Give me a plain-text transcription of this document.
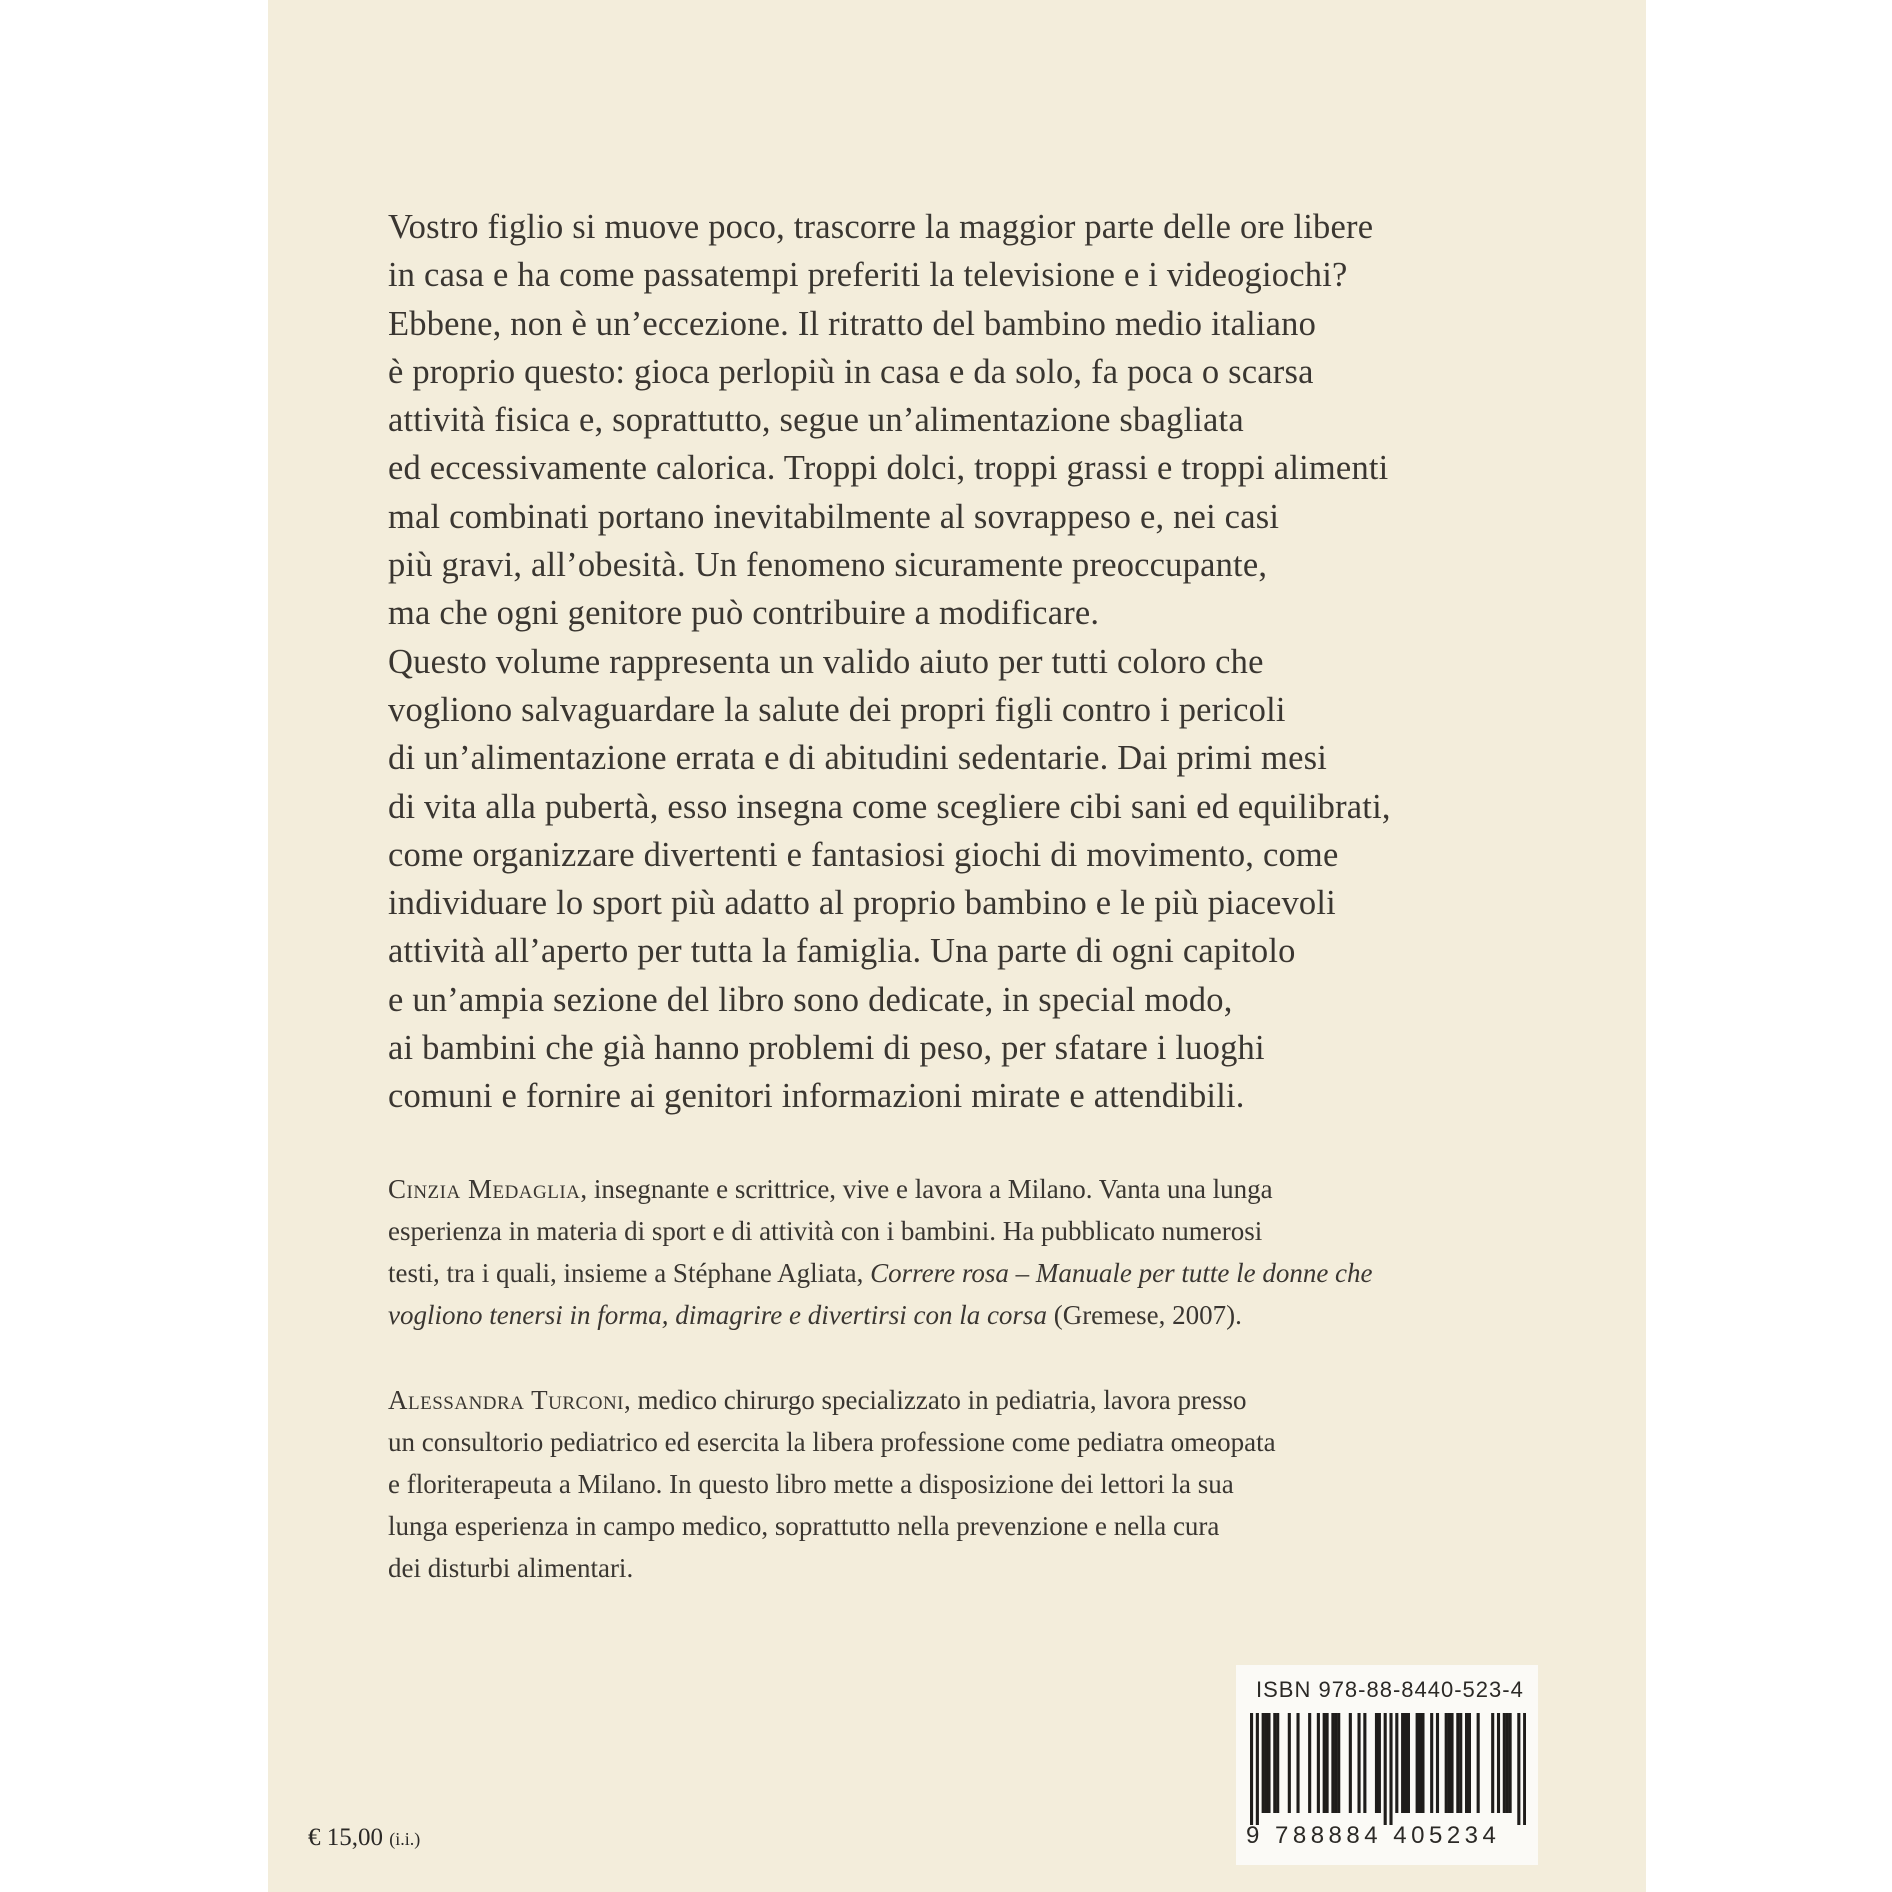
Vostro figlio si muove poco, trascorre la maggior parte delle ore libere
in casa e ha come passatempi preferiti la televisione e i videogiochi?
Ebbene, non è un’eccezione. Il ritratto del bambino medio italiano
è proprio questo: gioca perlopiù in casa e da solo, fa poca o scarsa
attività fisica e, soprattutto, segue un’alimentazione sbagliata
ed eccessivamente calorica. Troppi dolci, troppi grassi e troppi alimenti
mal combinati portano inevitabilmente al sovrappeso e, nei casi
più gravi, all’obesità. Un fenomeno sicuramente preoccupante,
ma che ogni genitore può contribuire a modificare.
Questo volume rappresenta un valido aiuto per tutti coloro che
vogliono salvaguardare la salute dei propri figli contro i pericoli
di un’alimentazione errata e di abitudini sedentarie. Dai primi mesi
di vita alla pubertà, esso insegna come scegliere cibi sani ed equilibrati,
come organizzare divertenti e fantasiosi giochi di movimento, come
individuare lo sport più adatto al proprio bambino e le più piacevoli
attività all’aperto per tutta la famiglia. Una parte di ogni capitolo
e un’ampia sezione del libro sono dedicate, in special modo,
ai bambini che già hanno problemi di peso, per sfatare i luoghi
comuni e fornire ai genitori informazioni mirate e attendibili.
Cinzia Medaglia, insegnante e scrittrice, vive e lavora a Milano. Vanta una lunga
esperienza in materia di sport e di attività con i bambini. Ha pubblicato numerosi
testi, tra i quali, insieme a Stéphane Agliata, Correre rosa – Manuale per tutte le donne che
vogliono tenersi in forma, dimagrire e divertirsi con la corsa (Gremese, 2007).
Alessandra Turconi, medico chirurgo specializzato in pediatria, lavora presso
un consultorio pediatrico ed esercita la libera professione come pediatra omeopata
e floriterapeuta a Milano. In questo libro mette a disposizione dei lettori la sua
lunga esperienza in campo medico, soprattutto nella prevenzione e nella cura
dei disturbi alimentari.
ISBN 978-88-8440-523-4
9 788884 405234
€ 15,00 (i.i.)
